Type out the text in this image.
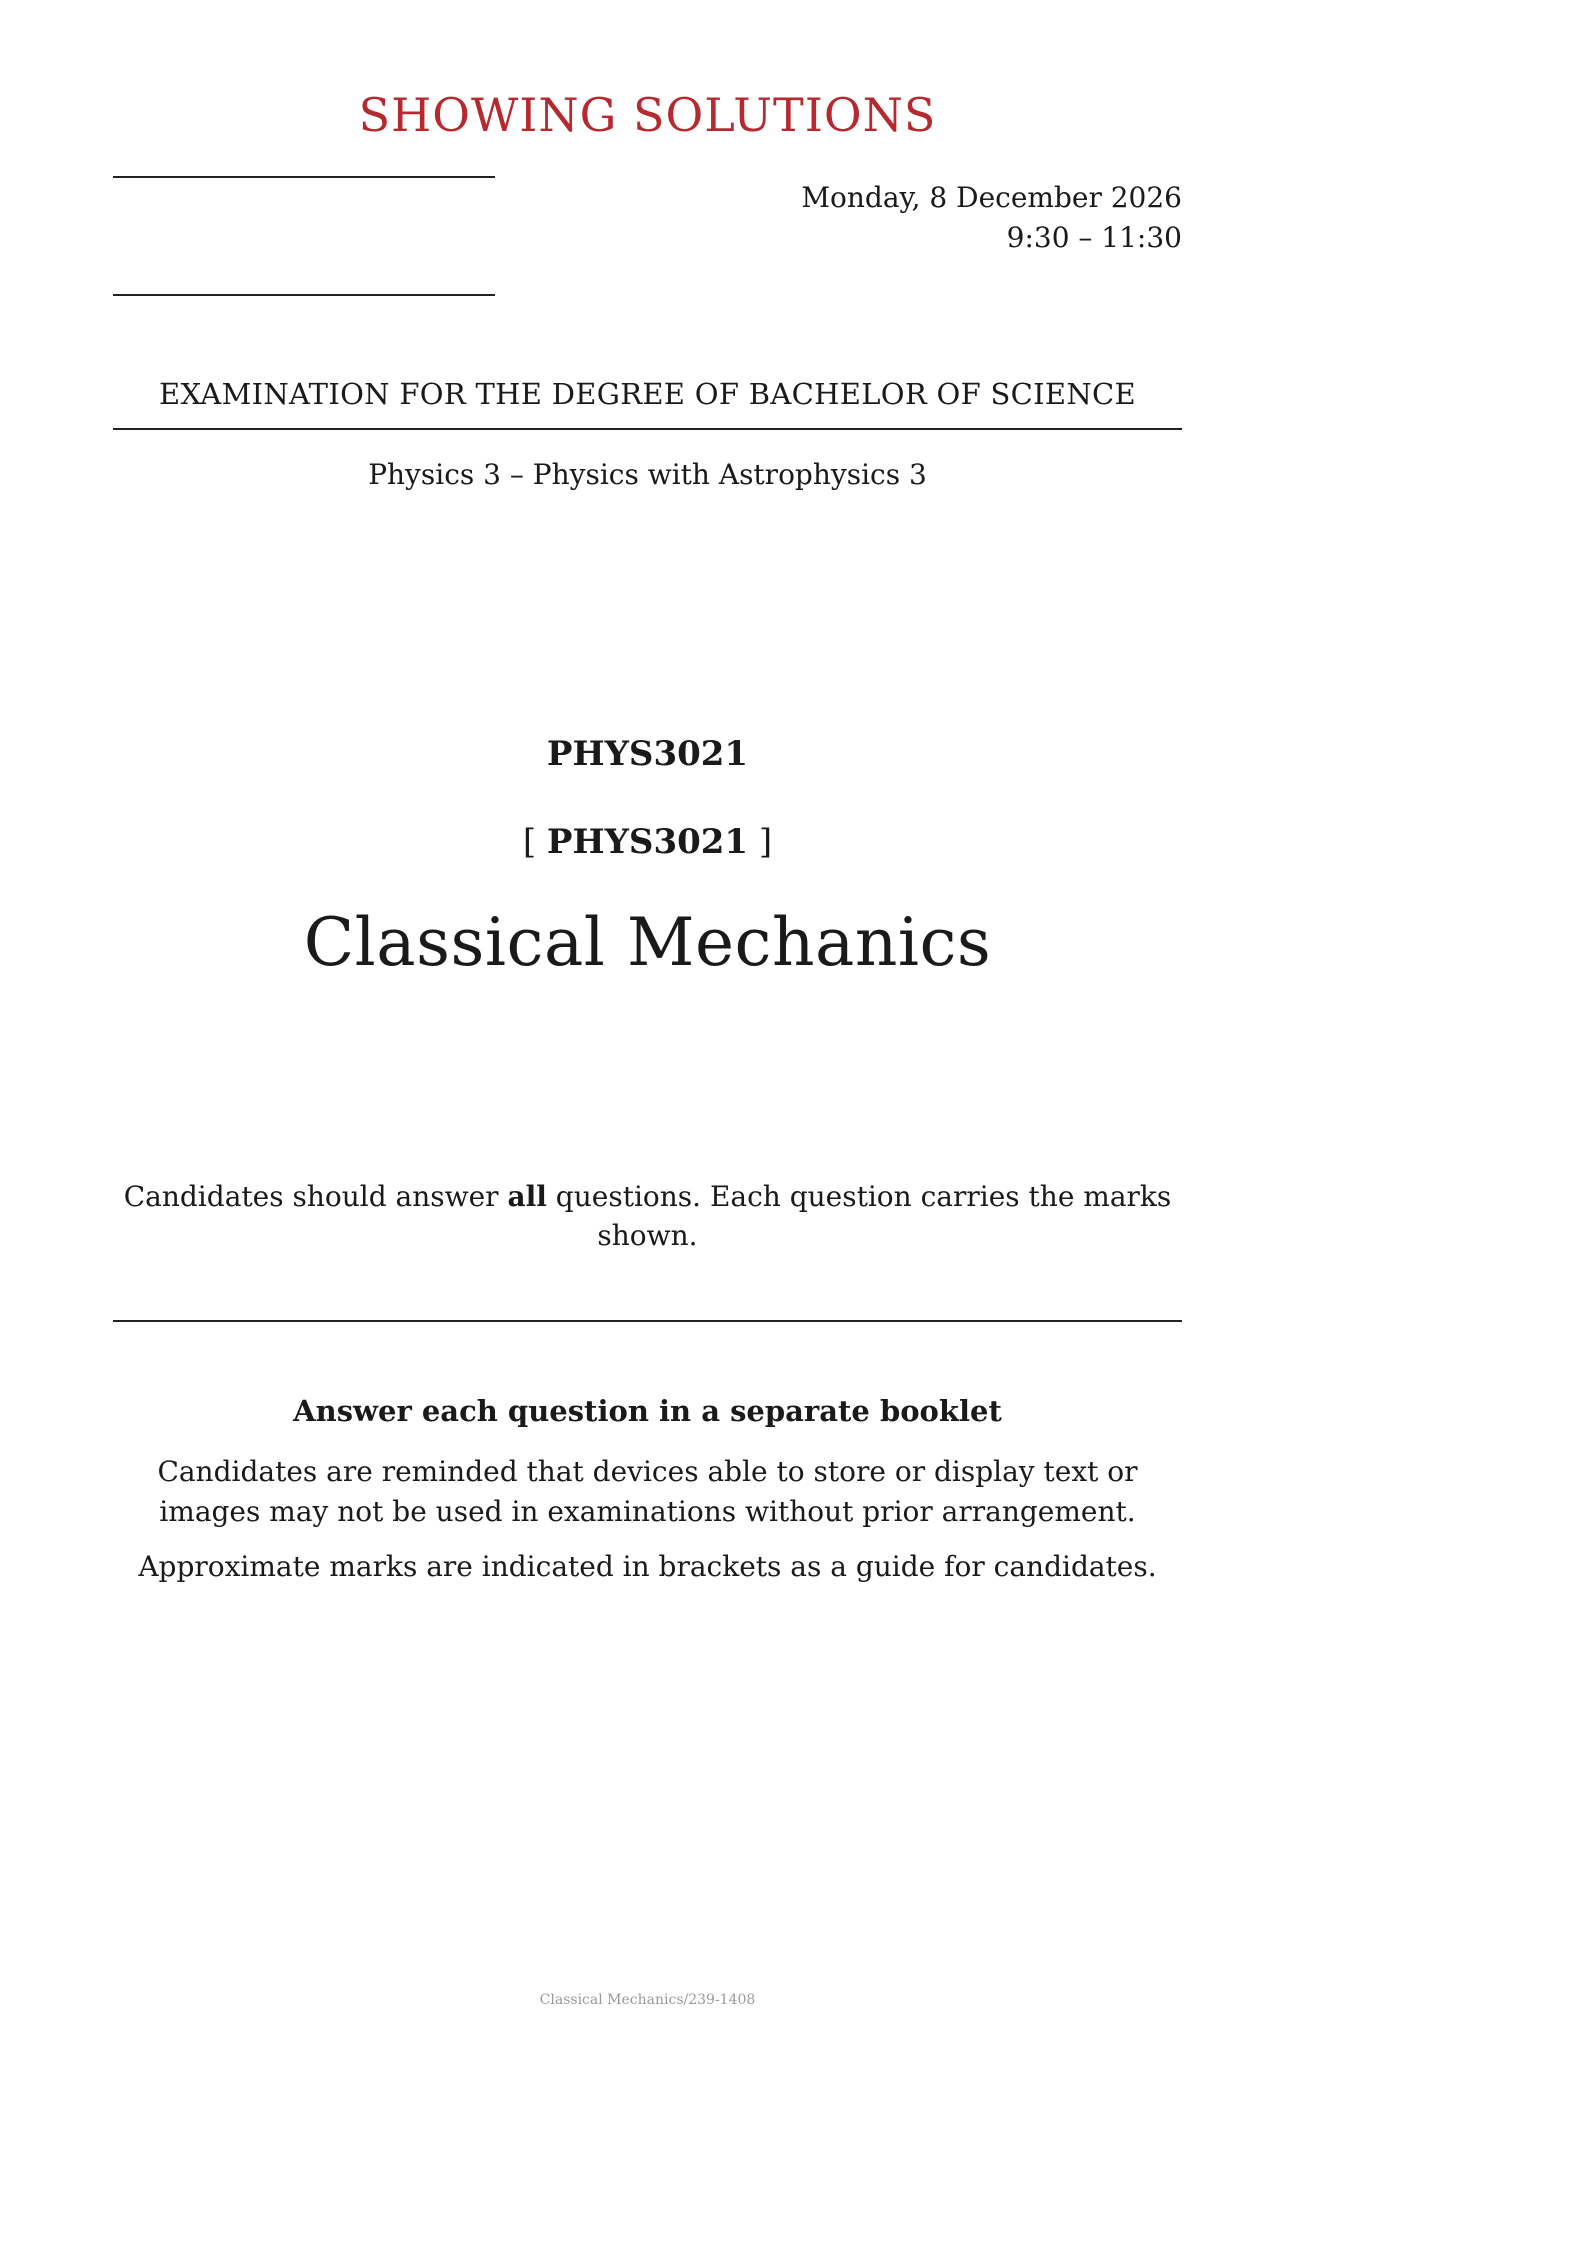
SHOWING SOLUTIONS
Monday, 8 December 2026
9:30 – 11:30
EXAMINATION FOR THE DEGREE OF BACHELOR OF SCIENCE
Physics 3 – Physics with Astrophysics 3
PHYS3021
[ PHYS3021 ]
Classical Mechanics
Candidates should answer all questions. Each question carries the marks shown.
Answer each question in a separate booklet
Candidates are reminded that devices able to store or display text or images may not be used in examinations without prior arrangement.
Approximate marks are indicated in brackets as a guide for candidates.
Classical Mechanics/239-1408
